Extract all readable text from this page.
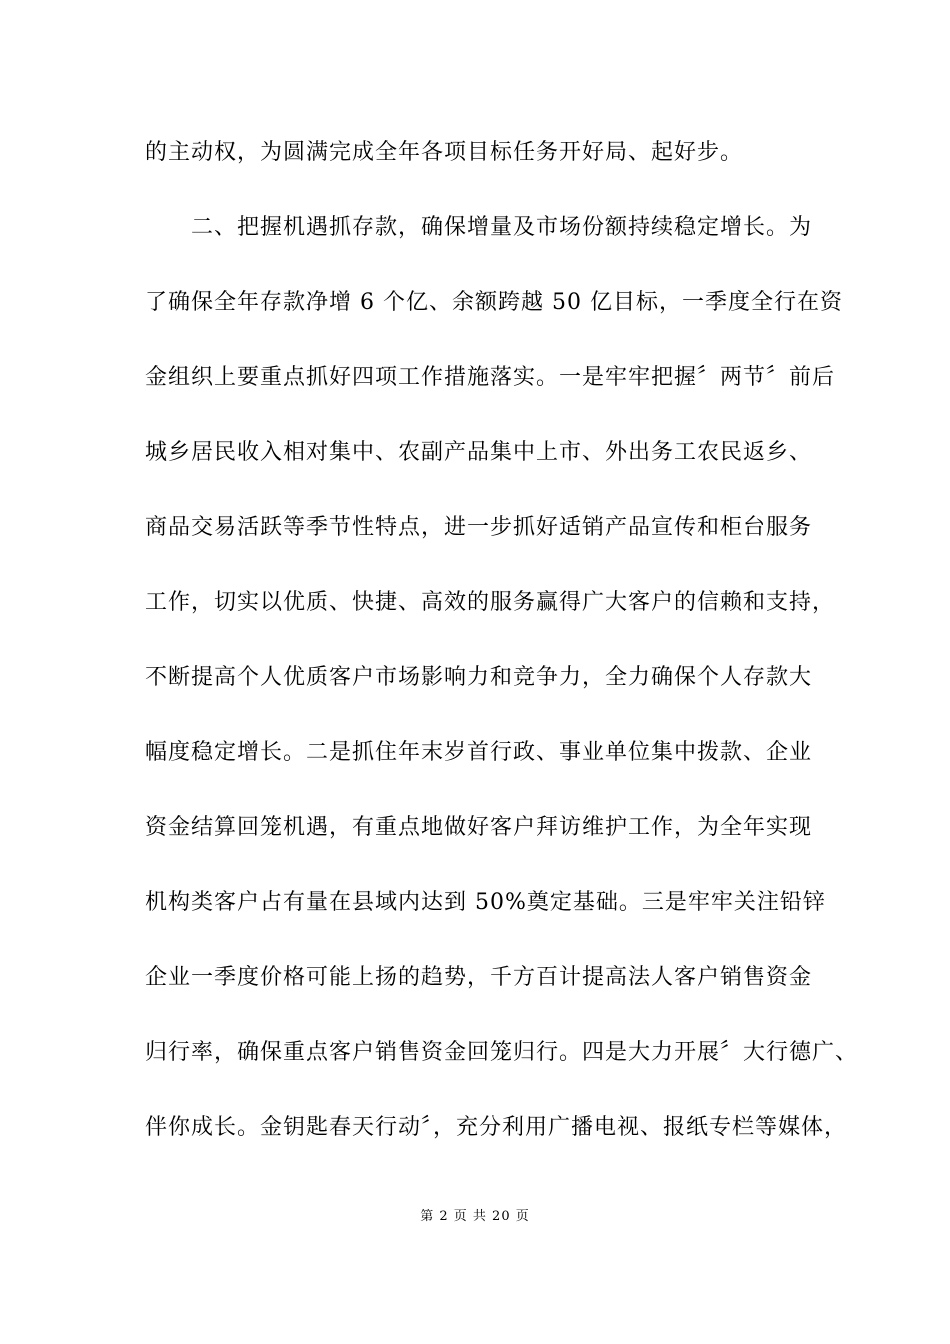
的主动权，为圆满完成全年各项目标任务开好局、起好步。
二、把握机遇抓存款，确保增量及市场份额持续稳定增长。为
了确保全年存款净增 6 个亿、余额跨越 50 亿目标，一季度全行在资
金组织上要重点抓好四项工作措施落实。一是牢牢把握〞两节〞前后
城乡居民收入相对集中、农副产品集中上市、外出务工农民返乡、
商品交易活跃等季节性特点，进一步抓好适销产品宣传和柜台服务
工作，切实以优质、快捷、高效的服务赢得广大客户的信赖和支持，
不断提高个人优质客户市场影响力和竞争力，全力确保个人存款大
幅度稳定增长。二是抓住年末岁首行政、事业单位集中拨款、企业
资金结算回笼机遇，有重点地做好客户拜访维护工作，为全年实现
机构类客户占有量在县域内达到 50%奠定基础。三是牢牢关注铅锌
企业一季度价格可能上扬的趋势，千方百计提高法人客户销售资金
归行率，确保重点客户销售资金回笼归行。四是大力开展〞大行德广、
伴你成长。金钥匙春天行动〞，充分利用广播电视、报纸专栏等媒体，
第 2 页 共 20 页
